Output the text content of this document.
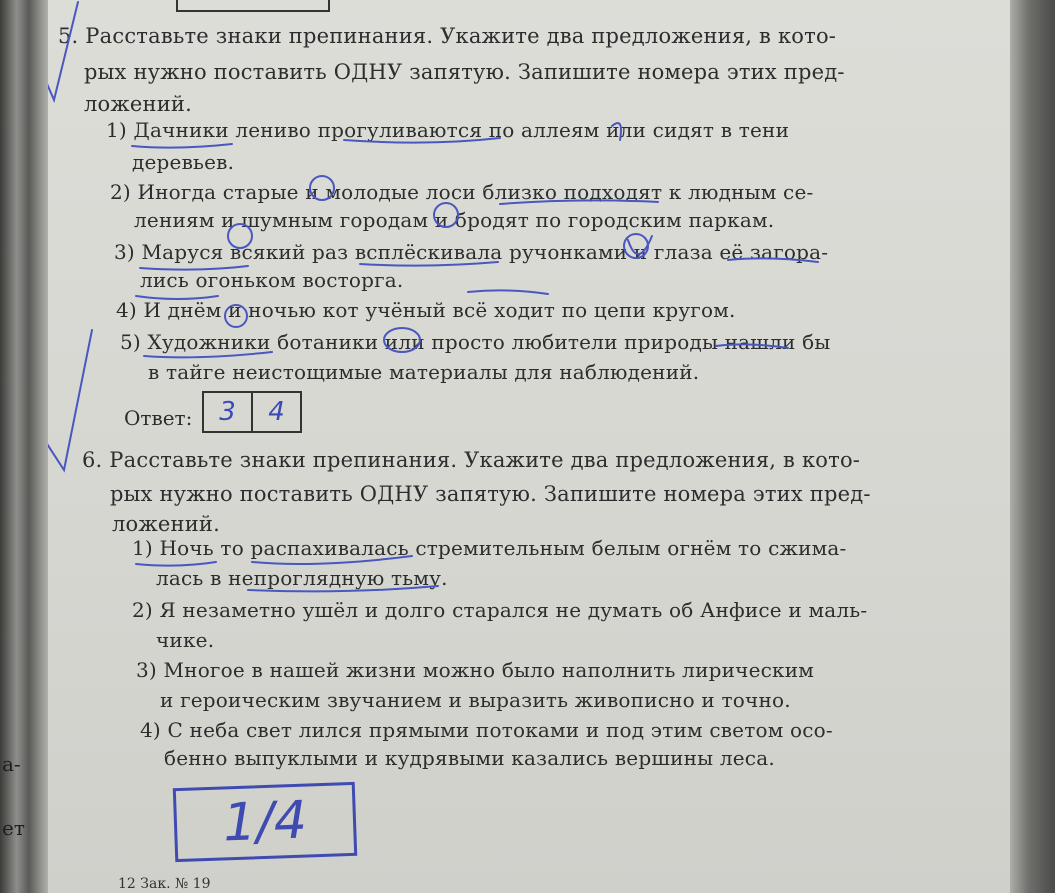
а-
ет
5. Расставьте знаки препинания. Укажите два предложения, в кото-
рых нужно поставить ОДНУ запятую. Запишите номера этих пред-
ложений.
1) Дачники лениво прогуливаются по аллеям или сидят в тени
деревьев.
2) Иногда старые и молодые лоси близко подходят к людным се-
лениям и шумным городам и бродят по городским паркам.
3) Маруся всякий раз всплёскивала ручонками и глаза её загора-
лись огоньком восторга.
4) И днём и ночью кот учёный всё ходит по цепи кругом.
5) Художники ботаники или просто любители природы нашли бы
в тайге неистощимые материалы для наблюдений.
Ответ:	3	4
6. Расставьте знаки препинания. Укажите два предложения, в кото-
рых нужно поставить ОДНУ запятую. Запишите номера этих пред-
ложений.
1) Ночь то распахивалась стремительным белым огнём то сжима-
лась в непроглядную тьму.
2) Я незаметно ушёл и долго старался не думать об Анфисе и маль-
чике.
3) Многое в нашей жизни можно было наполнить лирическим
и героическим звучанием и выразить живописно и точно.
4) С неба свет лился прямыми потоками и под этим светом осо-
бенно выпуклыми и кудрявыми казались вершины леса.
1/4
12 Зак. № 19
